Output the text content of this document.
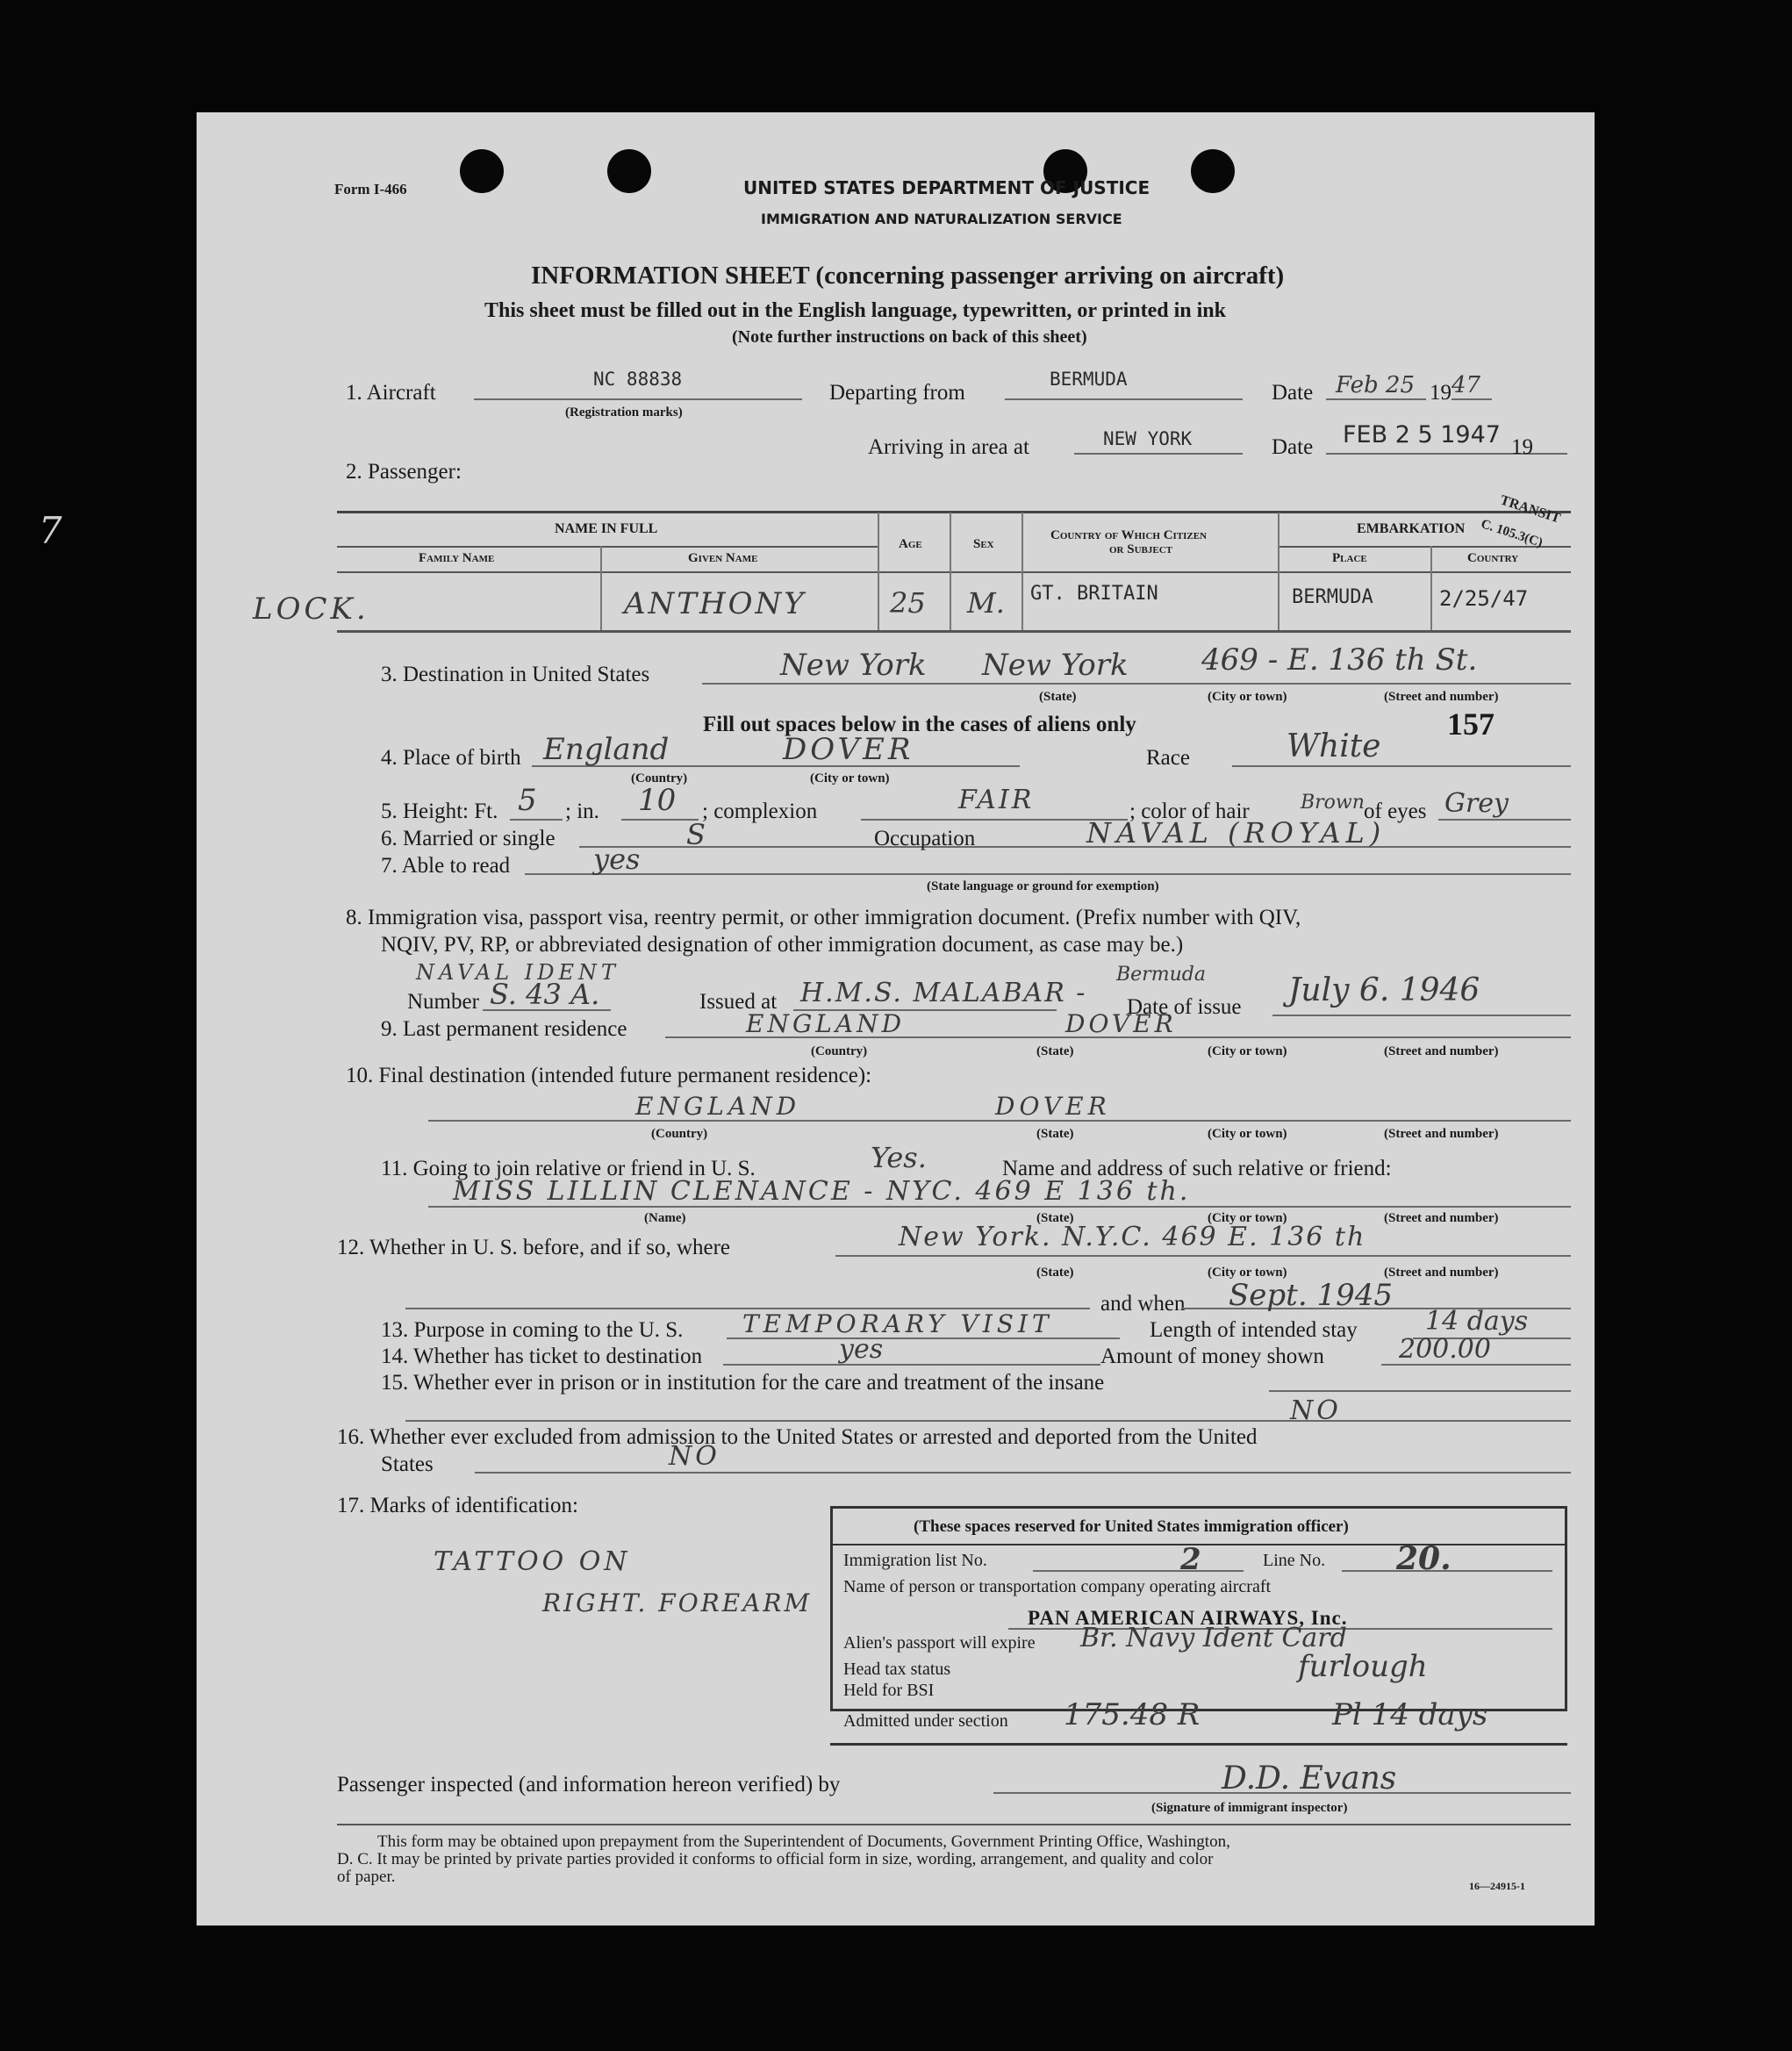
7
Form I-466	UNITED STATES DEPARTMENT OF JUSTICE
IMMIGRATION AND NATURALIZATION SERVICE
INFORMATION SHEET (concerning passenger arriving on aircraft)
This sheet must be filled out in the English language, typewritten, or printed in ink
(Note further instructions on back of this sheet)
1. Aircraft
NC 88838
(Registration marks)
Departing from
BERMUDA
Date Feb 25 19 47
Arriving in area at	NEW YORK	Date FEB 2 5 1947 19
2. Passenger:
NAME IN FULL
Family Name	Given Name
Age	Sex
Country of Which Citizen
or Subject
EMBARKATION
Place	Country
TRANSIT
C. 105.3(C)
LOCK.	ANTHONY	25 M. GT. BRITAIN	BERMUDA	2/25/47
3. Destination in United States	New York New York 469 - E. 136 th St.
(State)	(City or town)	(Street and number)
Fill out spaces below in the cases of aliens only	157
4. Place of birth England	DOVER
(Country)	(City or town)
Race	White
5. Height: Ft. 5 ; in. 10 ; complexion	FAIR	; color of hair	Brown of eyes Grey
6. Married or single	S	Occupation	NAVAL (ROYAL)
7. Able to read	yes
(State language or ground for exemption)
8. Immigration visa, passport visa, reentry permit, or other immigration document. (Prefix number with QIV,
NQIV, PV, RP, or abbreviated designation of other immigration document, as case may be.)
NAVAL IDENT
Number S. 43 A.	Issued at H.M.S. MALABAR -
Bermuda
Date of issue July 6. 1946
9. Last permanent residence	ENGLAND	DOVER
(Country)	(State)	(City or town)	(Street and number)
10. Final destination (intended future permanent residence):
ENGLAND	DOVER
(Country)	(State)	(City or town)	(Street and number)
11. Going to join relative or friend in U. S.	Yes.	Name and address of such relative or friend:
MISS LILLIN CLENANCE - NYC. 469 E 136 th.
(Name)	(State)	(City or town)	(Street and number)
12. Whether in U. S. before, and if so, where	New York. N.Y.C. 469 E. 136 th
(State)	(City or town)	(Street and number)
and when Sept. 1945
13. Purpose in coming to the U. S. TEMPORARY VISIT	Length of intended stay	14 days
14. Whether has ticket to destination	yes	Amount of money shown	200.00
15. Whether ever in prison or in institution for the care and treatment of the insane
NO
16. Whether ever excluded from admission to the United States or arrested and deported from the United
States	NO
17. Marks of identification:
TATTOO ON
RIGHT. FOREARM
(These spaces reserved for United States immigration officer)
Immigration list No.	2	Line No. 20.
Name of person or transportation company operating aircraft
PAN AMERICAN AIRWAYS, Inc.
Alien's passport will expire Br. Navy Ident Card
Head tax status	furlough
Held for BSI
Admitted under section 175.48 R	Pl 14 days
Passenger inspected (and information hereon verified) by	D.D. Evans
(Signature of immigrant inspector)
This form may be obtained upon prepayment from the Superintendent of Documents, Government Printing Office, Washington,
D. C. It may be printed by private parties provided it conforms to official form in size, wording, arrangement, and quality and color
of paper.	16—24915-1
